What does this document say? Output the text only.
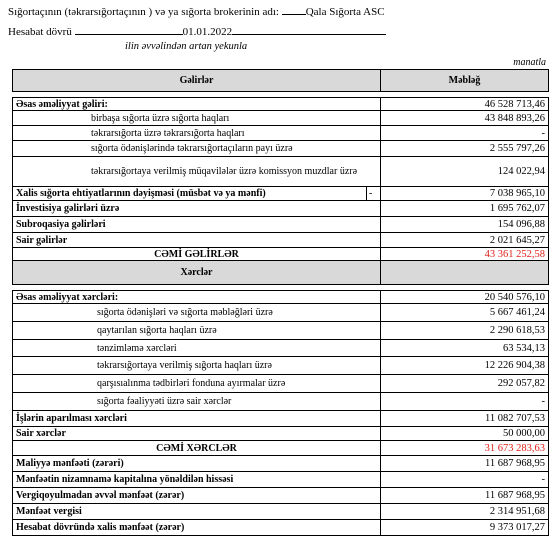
Sığortaçının (təkrarsığortaçının ) və ya sığorta brokerinin adı: Qala Sığorta ASC
Hesabat dövrü	01.01.2022
ilin əvvəlindən artan yekunla
manatla
Gəlirlər		Məbləğ

Əsas əməliyyat gəliri:		46 528 713,46
birbaşa sığorta üzrə sığorta haqları		43 848 893,26
təkrarsığorta üzrə təkrarsığorta haqları		-
sığorta ödənişlərində təkrarsığortaçıların payı üzrə		2 555 797,26
təkrarsığortaya verilmiş müqavilələr üzrə komissyon muzdlar üzrə		124 022,94
Xalis sığorta ehtiyatlarının dəyişməsi (müsbət və ya mənfi)	-	7 038 965,10
İnvestisiya gəlirləri üzrə		1 695 762,07
Subroqasiya gəlirləri		154 096,88
Sair gəlirlər		2 021 645,27
CƏMİ GƏLİRLƏR		43 361 252,58
Xərclər		

Əsas əməliyyat xərcləri:		20 540 576,10
sığorta ödənişləri və sığorta məbləğləri üzrə		5 667 461,24
qaytarılan sığorta haqları üzrə		2 290 618,53
tənzimləmə xərcləri		63 534,13
təkrarsığortaya verilmiş sığorta haqları üzrə		12 226 904,38
qarşısıalınma tədbirləri fonduna ayırmalar üzrə		292 057,82
sığorta fəaliyyəti üzrə sair xərclər		-
İşlərin aparılması xərcləri		11 082 707,53
Sair xərclər		50 000,00
CƏMİ XƏRCLƏR		31 673 283,63
Maliyyə mənfəəti (zərəri)		11 687 968,95
Mənfəətin nizamnamə kapitalına yönəldilən hissəsi		-
Vergiqoyulmadan əvvəl mənfəət (zərər)		11 687 968,95
Mənfəət vergisi		2 314 951,68
Hesabat dövründə xalis mənfəət (zərər)		9 373 017,27
